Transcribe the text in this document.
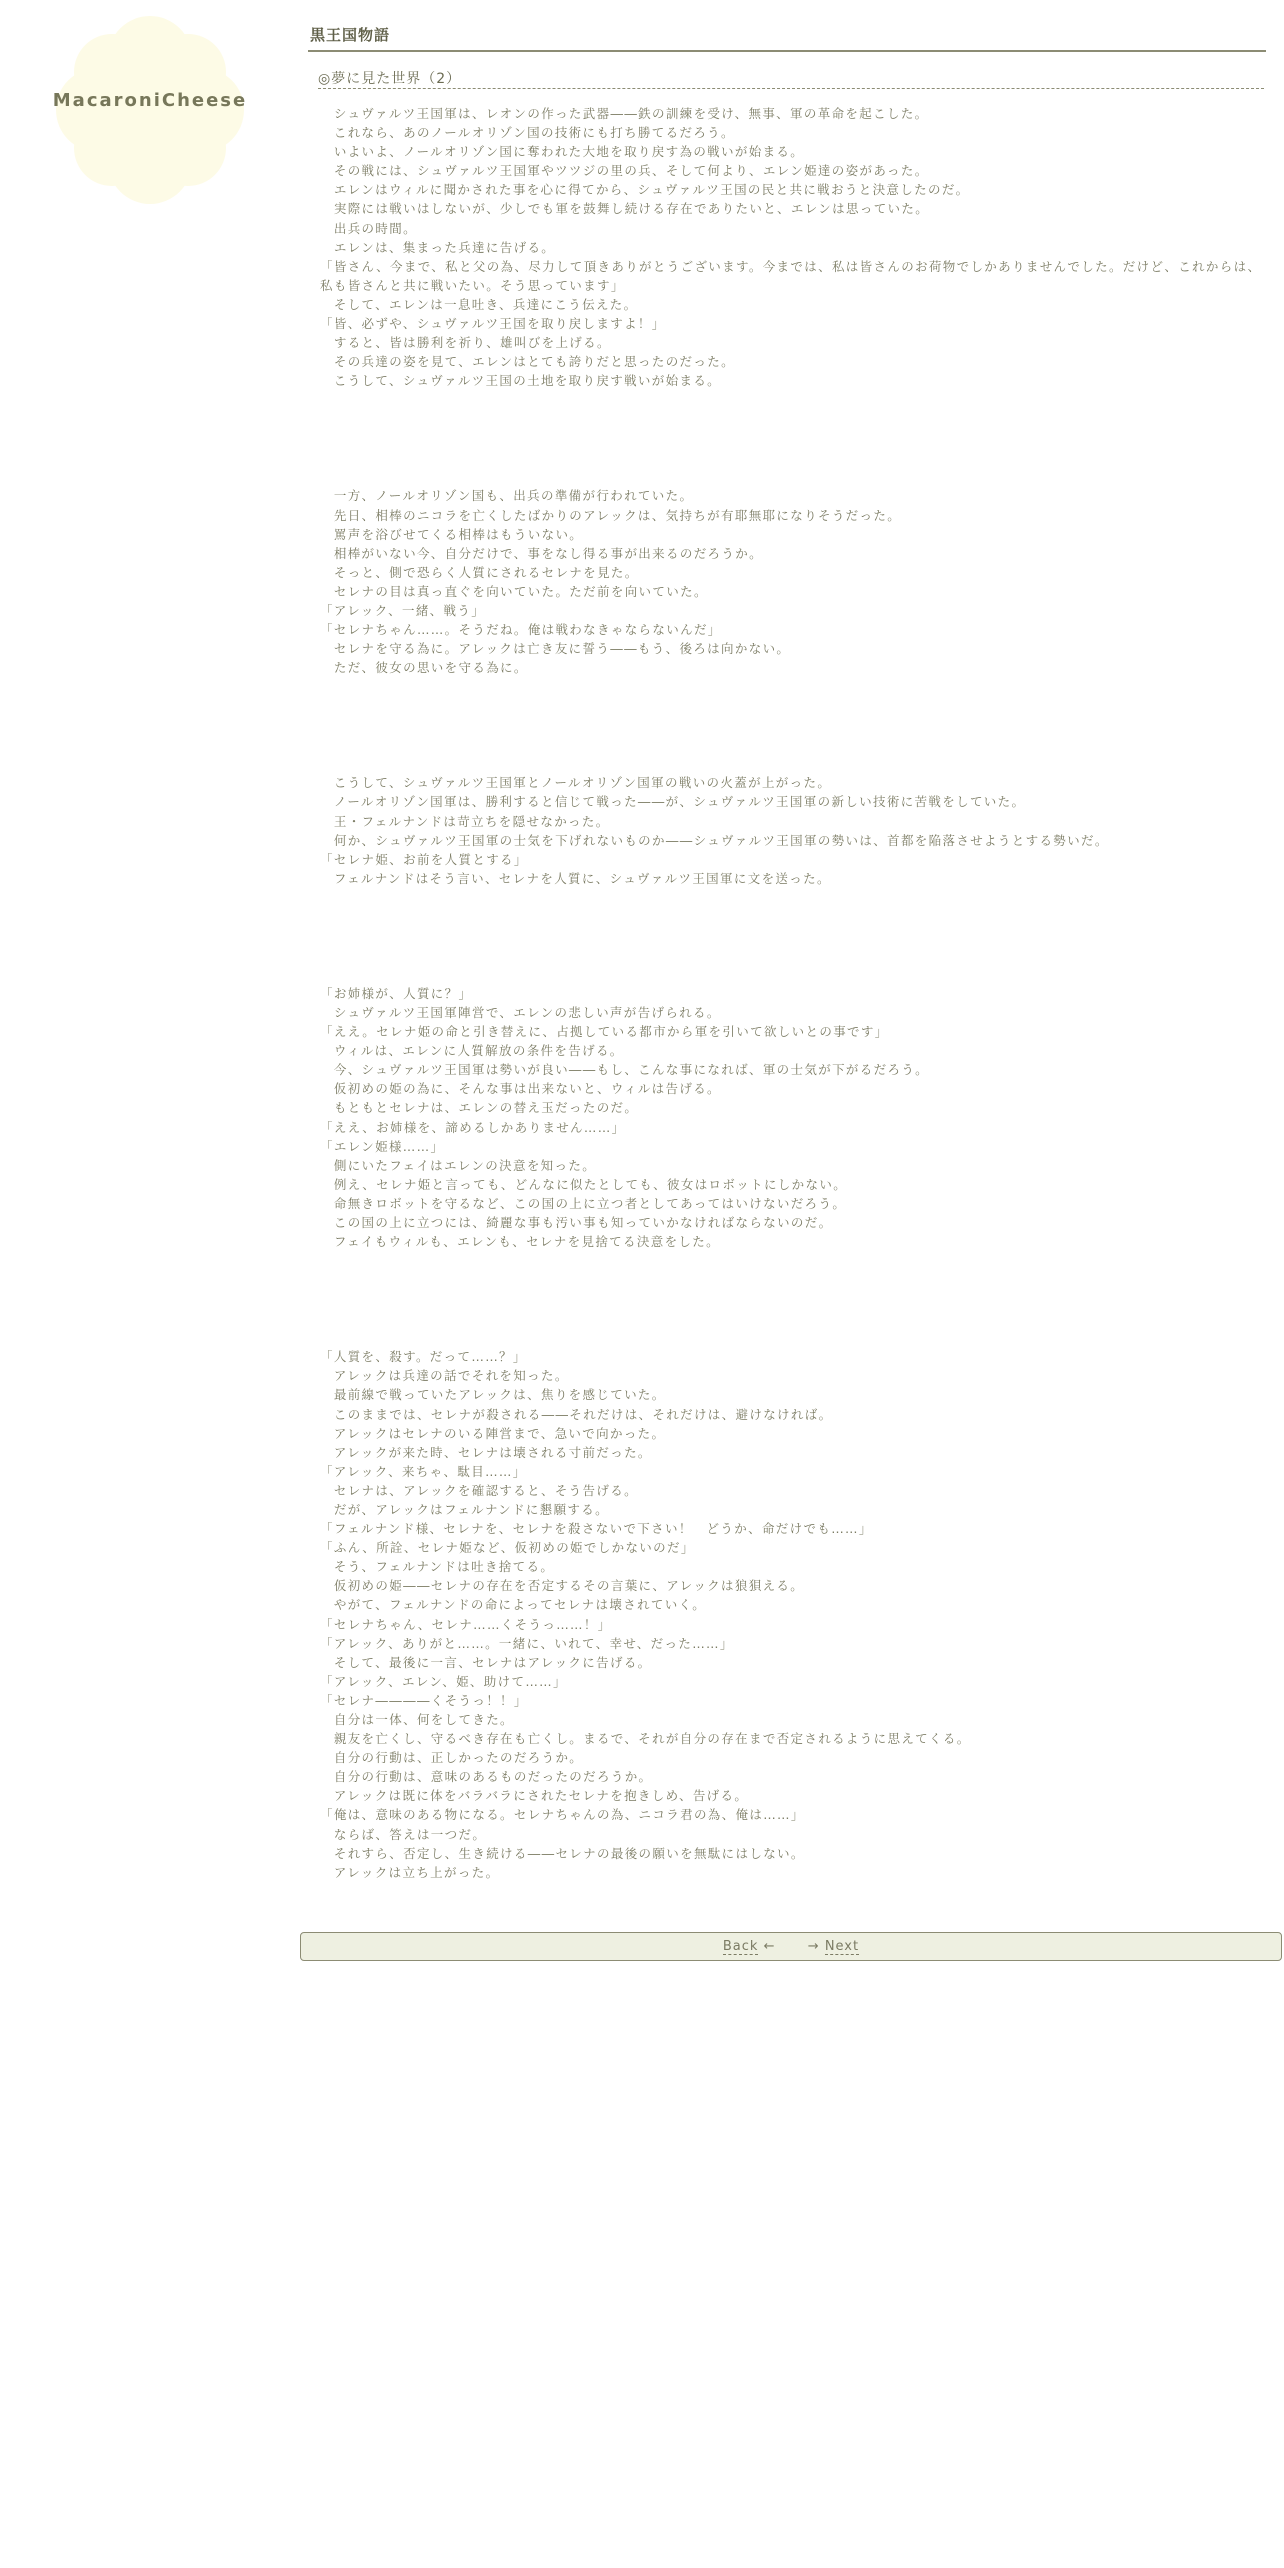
MacaroniCheese
黒王国物語
◎夢に見た世界（2）
　シュヴァルツ王国軍は、レオンの作った武器――鉄の訓練を受け、無事、軍の革命を起こした。
　これなら、あのノールオリゾン国の技術にも打ち勝てるだろう。
　いよいよ、ノールオリゾン国に奪われた大地を取り戻す為の戦いが始まる。
　その戦には、シュヴァルツ王国軍やツツジの里の兵、そして何より、エレン姫達の姿があった。
　エレンはウィルに聞かされた事を心に得てから、シュヴァルツ王国の民と共に戦おうと決意したのだ。
　実際には戦いはしないが、少しでも軍を鼓舞し続ける存在でありたいと、エレンは思っていた。
　出兵の時間。
　エレンは、集まった兵達に告げる。
「皆さん、今まで、私と父の為、尽力して頂きありがとうございます。今までは、私は皆さんのお荷物でしかありませんでした。だけど、これからは、私も皆さんと共に戦いたい。そう思っています」
　そして、エレンは一息吐き、兵達にこう伝えた。
「皆、必ずや、シュヴァルツ王国を取り戻しますよ！」
　すると、皆は勝利を祈り、雄叫びを上げる。
　その兵達の姿を見て、エレンはとても誇りだと思ったのだった。
　こうして、シュヴァルツ王国の土地を取り戻す戦いが始まる。
　一方、ノールオリゾン国も、出兵の準備が行われていた。
　先日、相棒のニコラを亡くしたばかりのアレックは、気持ちが有耶無耶になりそうだった。
　罵声を浴びせてくる相棒はもういない。
　相棒がいない今、自分だけで、事をなし得る事が出来るのだろうか。
　そっと、側で恐らく人質にされるセレナを見た。
　セレナの目は真っ直ぐを向いていた。ただ前を向いていた。
「アレック、一緒、戦う」
「セレナちゃん……。そうだね。俺は戦わなきゃならないんだ」
　セレナを守る為に。アレックは亡き友に誓う――もう、後ろは向かない。
　ただ、彼女の思いを守る為に。
　こうして、シュヴァルツ王国軍とノールオリゾン国軍の戦いの火蓋が上がった。
　ノールオリゾン国軍は、勝利すると信じて戦った――が、シュヴァルツ王国軍の新しい技術に苦戦をしていた。
　王・フェルナンドは苛立ちを隠せなかった。
　何か、シュヴァルツ王国軍の士気を下げれないものか――シュヴァルツ王国軍の勢いは、首都を陥落させようとする勢いだ。
「セレナ姫、お前を人質とする」
　フェルナンドはそう言い、セレナを人質に、シュヴァルツ王国軍に文を送った。
「お姉様が、人質に？」
　シュヴァルツ王国軍陣営で、エレンの悲しい声が告げられる。
「ええ。セレナ姫の命と引き替えに、占拠している都市から軍を引いて欲しいとの事です」
　ウィルは、エレンに人質解放の条件を告げる。
　今、シュヴァルツ王国軍は勢いが良い――もし、こんな事になれば、軍の士気が下がるだろう。
　仮初めの姫の為に、そんな事は出来ないと、ウィルは告げる。
　もともとセレナは、エレンの替え玉だったのだ。
「ええ、お姉様を、諦めるしかありません……」
「エレン姫様……」
　側にいたフェイはエレンの決意を知った。
　例え、セレナ姫と言っても、どんなに似たとしても、彼女はロボットにしかない。
　命無きロボットを守るなど、この国の上に立つ者としてあってはいけないだろう。
　この国の上に立つには、綺麗な事も汚い事も知っていかなければならないのだ。
　フェイもウィルも、エレンも、セレナを見捨てる決意をした。
「人質を、殺す。だって……？」
　アレックは兵達の話でそれを知った。
　最前線で戦っていたアレックは、焦りを感じていた。
　このままでは、セレナが殺される――それだけは、それだけは、避けなければ。
　アレックはセレナのいる陣営まで、急いで向かった。
　アレックが来た時、セレナは壊される寸前だった。
「アレック、来ちゃ、駄目……」
　セレナは、アレックを確認すると、そう告げる。
　だが、アレックはフェルナンドに懇願する。
「フェルナンド様、セレナを、セレナを殺さないで下さい！　どうか、命だけでも……」
「ふん、所詮、セレナ姫など、仮初めの姫でしかないのだ」
　そう、フェルナンドは吐き捨てる。
　仮初めの姫――セレナの存在を否定するその言葉に、アレックは狼狽える。
　やがて、フェルナンドの命によってセレナは壊されていく。
「セレナちゃん、セレナ……くそうっ……！」
「アレック、ありがと……。一緒に、いれて、幸せ、だった……」
　そして、最後に一言、セレナはアレックに告げる。
「アレック、エレン、姫、助けて……」
「セレナ――――くそうっ！！」
　自分は一体、何をしてきた。
　親友を亡くし、守るべき存在も亡くし。まるで、それが自分の存在まで否定されるように思えてくる。
　自分の行動は、正しかったのだろうか。
　自分の行動は、意味のあるものだったのだろうか。
　アレックは既に体をバラバラにされたセレナを抱きしめ、告げる。
「俺は、意味のある物になる。セレナちゃんの為、ニコラ君の為、俺は……」
　ならば、答えは一つだ。
　それすら、否定し、生き続ける――セレナの最後の願いを無駄にはしない。
　アレックは立ち上がった。
Back ← → Next
